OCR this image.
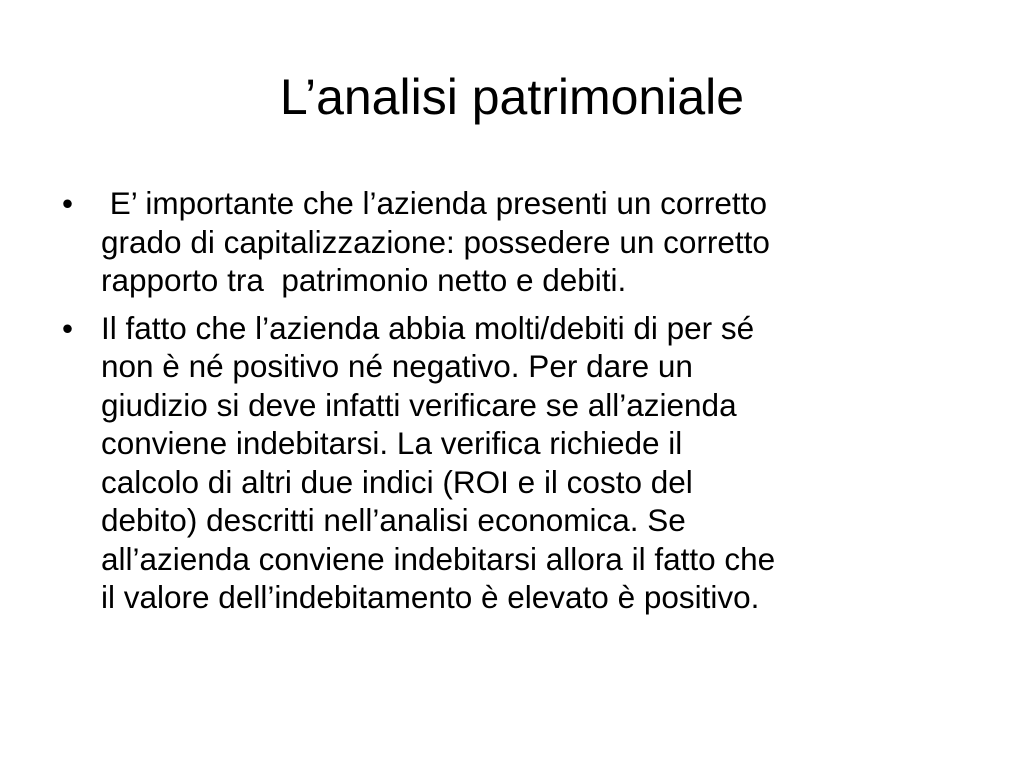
L’analisi patrimoniale
• E’ importante che l’azienda presenti un corretto
grado di capitalizzazione: possedere un corretto
rapporto tra  patrimonio netto e debiti.
• Il fatto che l’azienda abbia molti/debiti di per sé
non è né positivo né negativo. Per dare un
giudizio si deve infatti verificare se all’azienda
conviene indebitarsi. La verifica richiede il
calcolo di altri due indici (ROI e il costo del
debito) descritti nell’analisi economica. Se
all’azienda conviene indebitarsi allora il fatto che
il valore dell’indebitamento è elevato è positivo.
